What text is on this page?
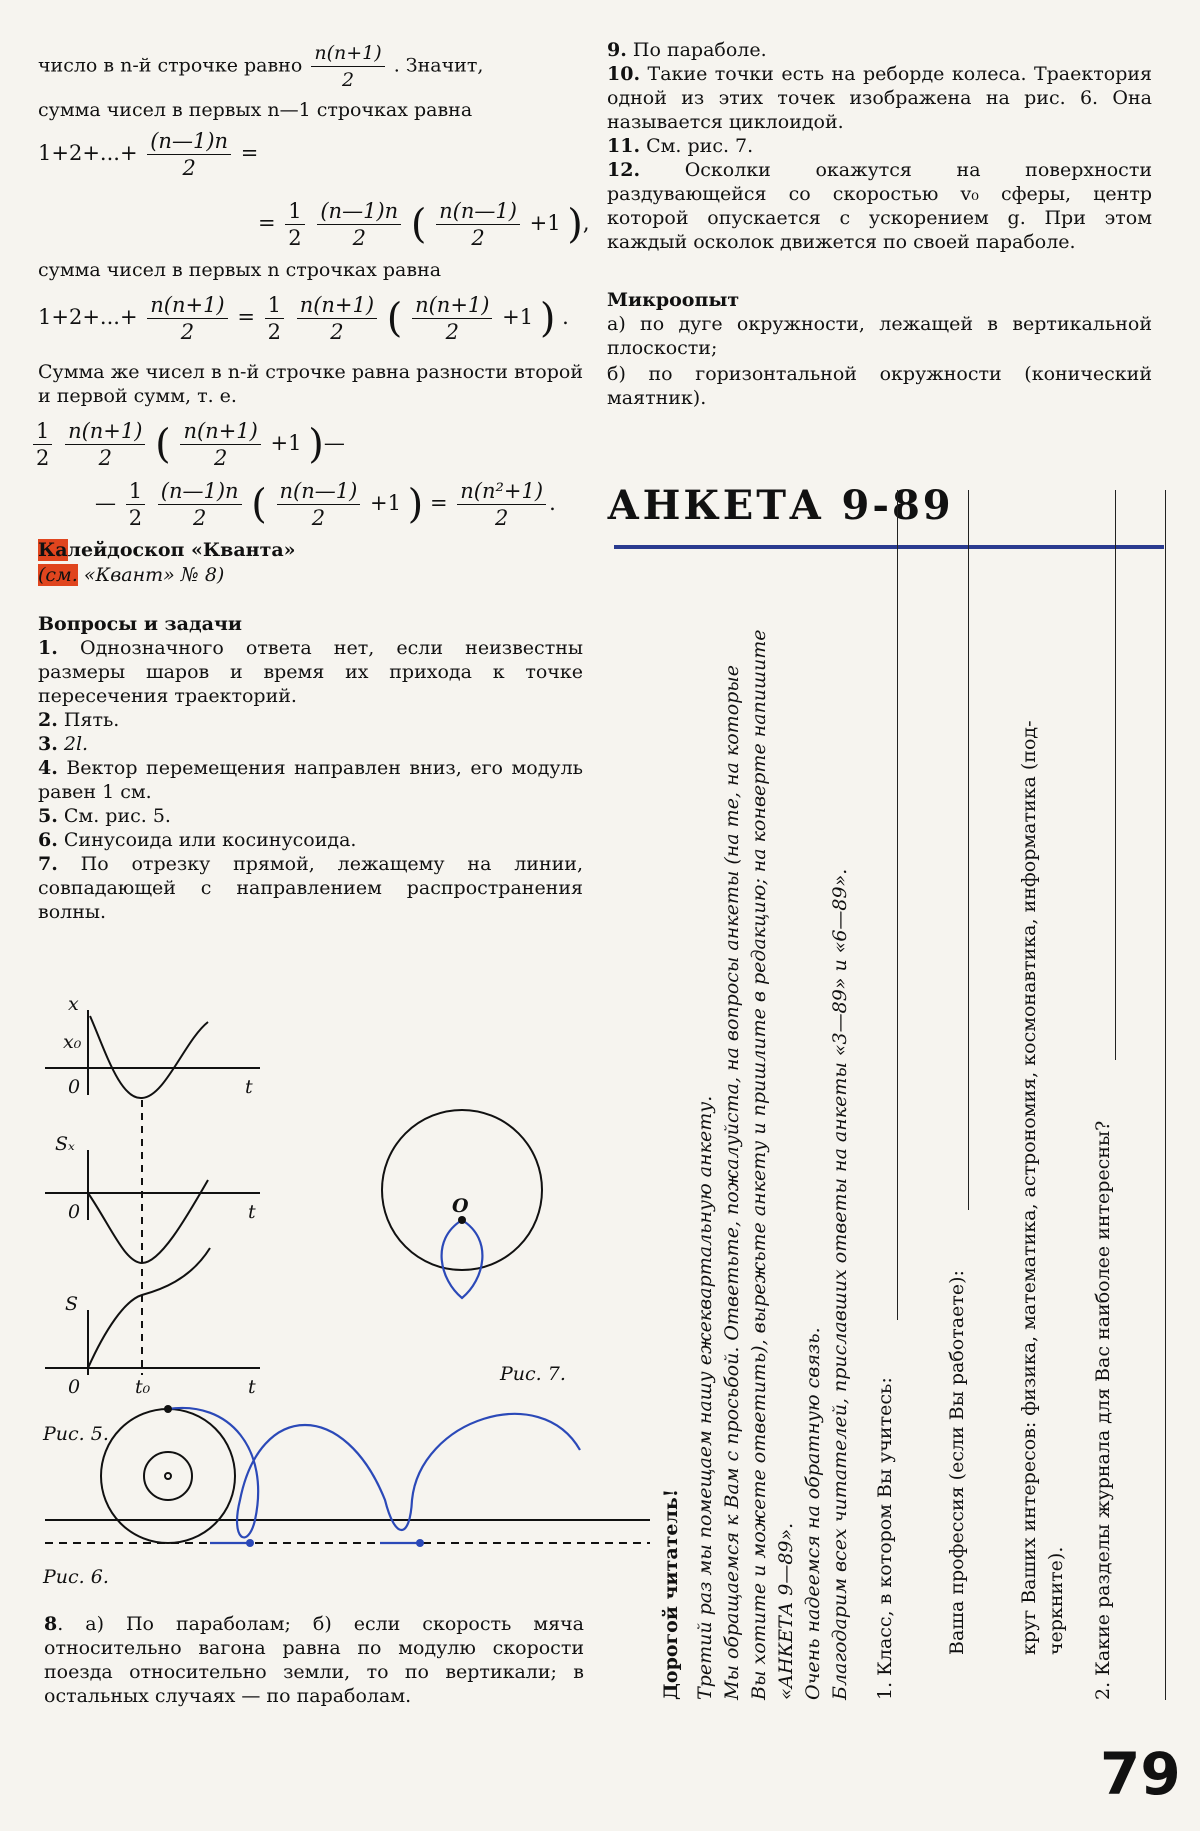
число в n-й строчке равно $\frac{n(n+1)}{2}$ . Значит,

сумма чисел в первых n—1 строчках равна

$1+2+...+ \frac{(n—1)n}{2}$ =
= $\frac{1}{2}$
$\frac{(n—1)n}{2}$ ( $\frac{n(n—1)}{2} +1$ ),

сумма чисел в первых n строчках равна

$1+2+...+ \frac{n(n+1)}{2} = \frac{1}{2}$
$\frac{n(n+1)}{2}$ ( $\frac{n(n+1)}{2} +1$ ) .

Сумма же чисел в n-й строчке равна разности второй и первой сумм, т. е.

$\frac{1}{2}$
$\frac{n(n+1)}{2}$ ( $\frac{n(n+1)}{2} +1$ )—
— $\frac{1}{2}$
$\frac{(n—1)n}{2}$ ( $\frac{n(n—1)}{2} +1$ ) = $\frac{\text{n(n²+1)}}{2}$ .

Калейдоскоп «Кванта»

(см. «Квант» № 8)

Вопросы и задачи

1. Однозначного ответа нет, если неизвестны размеры шаров и время их прихода к точке пересечения траекторий.
2. Пять.
3. 2l.
4. Вектор перемещения направлен вниз, его модуль равен 1 см.
5. См. рис. 5.
6. Синусоида или косинусоида.
7. По отрезку прямой, лежащему на линии, совпадающей с направлением распространения волны.
x
x₀
0	t
Sₓ
0	t
S
0	t₀	t
Рис. 5.
Рис. 6.
Рис. 7.
O

8. а) По параболам; б) если скорость мяча относительно вагона равна по модулю скорости поезда относительно земли, то по вертикали; в остальных случаях — по параболам.

9. По параболе.
10. Такие точки есть на реборде колеса. Траектория одной из этих точек изображена на рис. 6. Она называется циклоидой.
11. См. рис. 7.
12. Осколки окажутся на поверхности раздувающейся со скоростью v₀ сферы, центр которой опускается с ускорением g. При этом каждый осколок движется по своей параболе.

Микроопыт

а) по дуге окружности, лежащей в вертикальной плоскости;

б) по горизонтальной окружности (конический маятник).

АНКЕТА 9-89
Дорогой читатель! Третий раз мы помещаем нашу ежеквартальную анкету. Мы обращаемся к Вам с просьбой. Ответьте, пожалуйста, на вопросы анкеты (на те, на которые Вы хотите и можете ответить), вырежьте анкету и пришлите в редакцию; на конверте напишите «АНКЕТА 9—89». Очень надеемся на обратную связь. Благодарим всех читателей, приславших ответы на анкеты «3—89» и «6—89». 1. Класс, в котором Вы учитесь:	Ваша профессия (если Вы работаете):	круг Ваших интересов: физика, математика, астрономия, космонавтика, информатика (под- черкните). 2. Какие разделы журнала для Вас наиболее интересны?
79
